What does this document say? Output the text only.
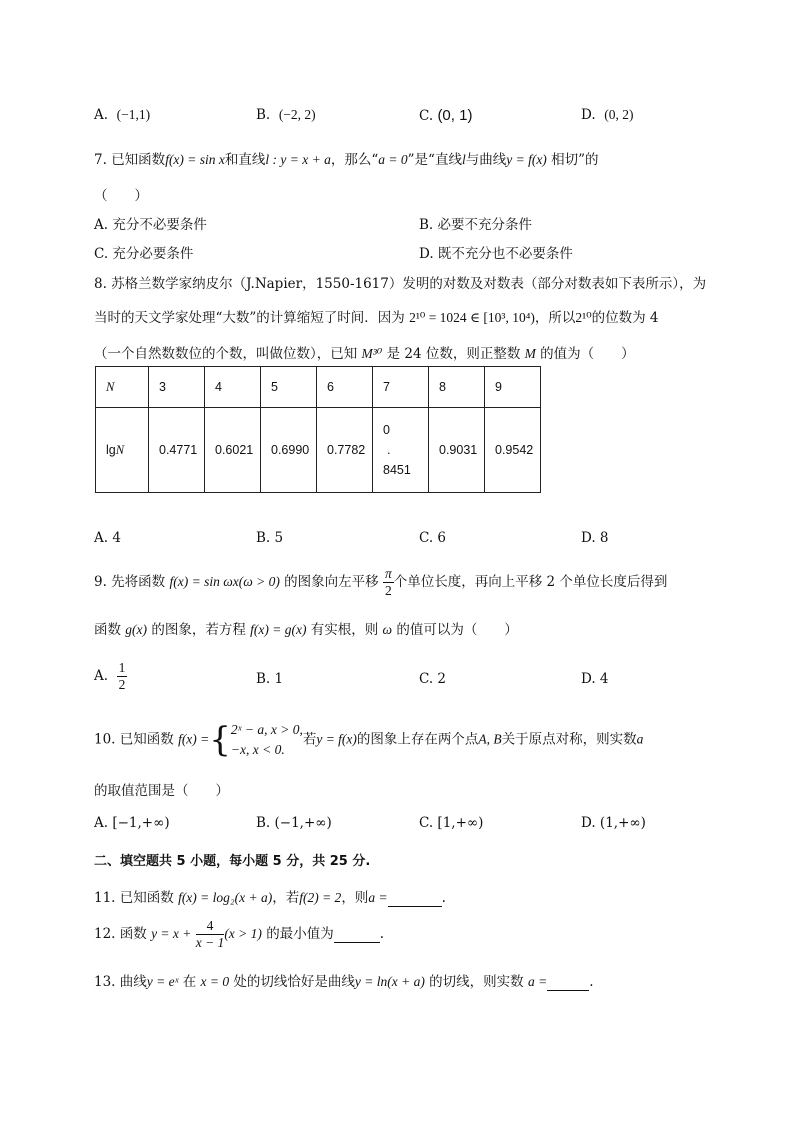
A. (−1,1)	B. (−2, 2)	C. (0, 1)	D. (0, 2)
7. 已知函数f(x) = sin x和直线l : y = x + a，那么“a = 0”是“直线l与曲线y = f(x) 相切”的
（　　）
A. 充分不必要条件	B. 必要不充分条件
C. 充分必要条件	D. 既不充分也不必要条件
8. 苏格兰数学家纳皮尔（J.Napier，1550-1617）发明的对数及对数表（部分对数表如下表所示），为
当时的天文学家处理“大数”的计算缩短了时间．因为 2¹⁰ = 1024 ∈ [10³, 10⁴)，所以2¹⁰的位数为 4
（一个自然数数位的个数，叫做位数），已知 M³⁰ 是 24 位数，则正整数 M 的值为（　　）
N	3	4	5	6	7	8	9
lgN	0.4771	0.6021	0.6990	0.7782	0
.
8451	0.9031	0.9542
A. 4	B. 5	C. 6	D. 8
9. 先将函数 f(x) = sin ωx(ω > 0) 的图象向左平移 $\frac{\pi}{2}$ 个单位长度，再向上平移 2 个单位长度后得到
函数 g(x) 的图象，若方程 f(x) = g(x) 有实根，则 ω 的值可以为（　　）
A. $\frac{1}{2}$	B. 1	C. 2	D. 4
10. 已知函数 f(x) ={ 2ˣ − a, x > 0,
−x, x < 0.
若y = f(x)的图象上存在两个点A, B关于原点对称，则实数a
的取值范围是（　　）
A. [−1,+∞)	B. (−1,+∞)	C. [1,+∞)	D. (1,+∞)
二、填空题共 5 小题，每小题 5 分，共 25 分.
11. 已知函数 f(x) = log₂(x + a)，若f(2) = 2，则a =	.
12. 函数 $y = x + \frac{4}{x - 1} (x > 1)$ 的最小值为	.
13. 曲线y = eˣ 在 x = 0 处的切线恰好是曲线y = ln(x + a) 的切线，则实数 a =	.
